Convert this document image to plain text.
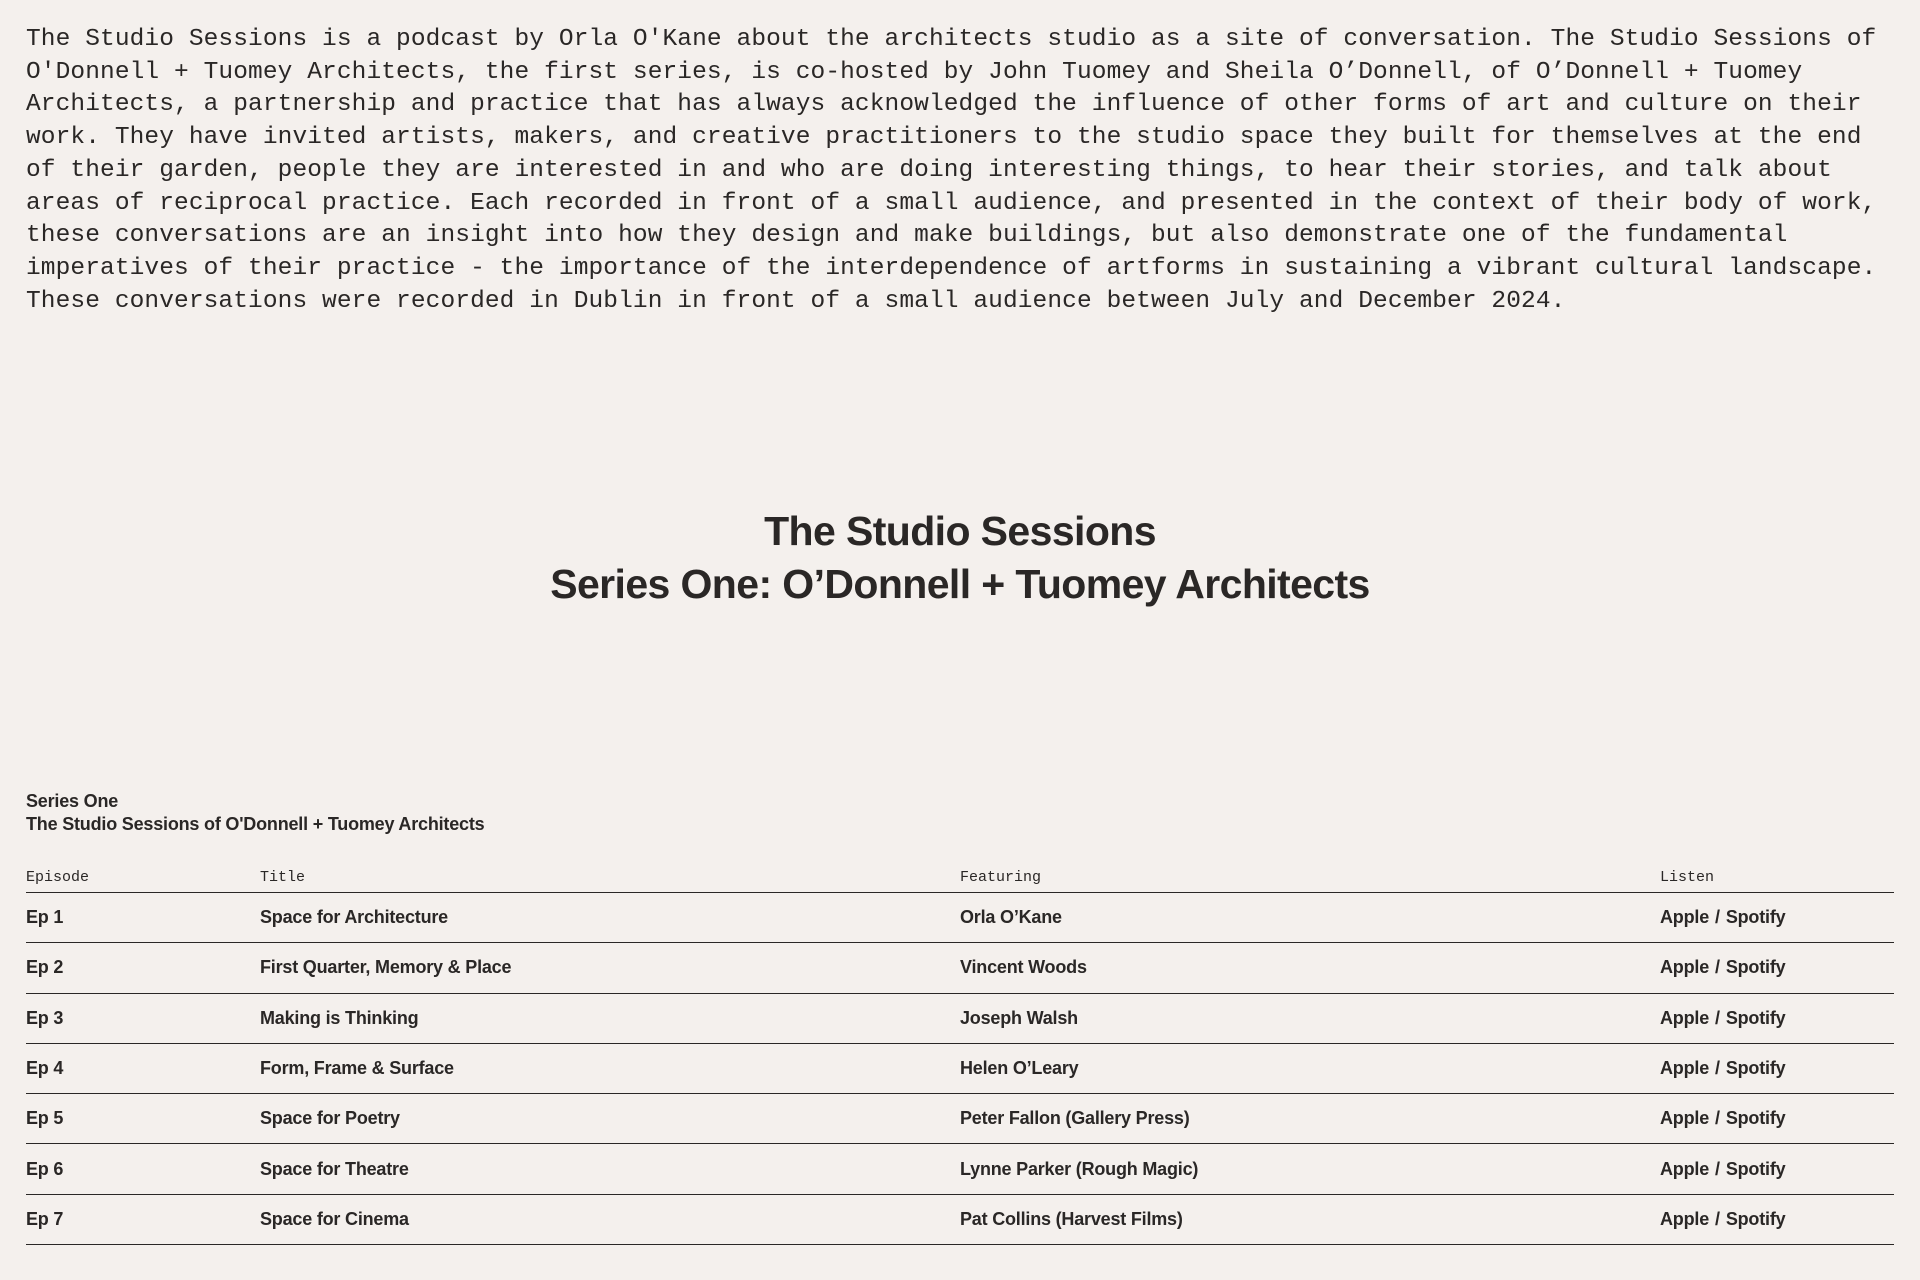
The Studio Sessions is a podcast by Orla O'Kane about the architects studio as a site of conversation. The Studio Sessions of O'Donnell + Tuomey Architects, the first series, is co-hosted by John Tuomey and Sheila O’Donnell, of O’Donnell + Tuomey Architects, a partnership and practice that has always acknowledged the influence of other forms of art and culture on their work. They have invited artists, makers, and creative practitioners to the studio space they built for themselves at the end of their garden, people they are interested in and who are doing interesting things, to hear their stories, and talk about areas of reciprocal practice. Each recorded in front of a small audience, and presented in the context of their body of work, these conversations are an insight into how they design and make buildings, but also demonstrate one of the fundamental imperatives of their practice - the importance of the interdependence of artforms in sustaining a vibrant cultural landscape. These conversations were recorded in Dublin in front of a small audience between July and December 2024.

The Studio Sessions
Series One: O’Donnell + Tuomey Architects
Series One
The Studio Sessions of O'Donnell + Tuomey Architects
Episode	Title	Featuring	Listen
Ep 1	Space for Architecture	Orla O’Kane	Apple / Spotify
Ep 2	First Quarter, Memory & Place	Vincent Woods	Apple / Spotify
Ep 3	Making is Thinking	Joseph Walsh	Apple / Spotify
Ep 4	Form, Frame & Surface	Helen O’Leary	Apple / Spotify
Ep 5	Space for Poetry	Peter Fallon (Gallery Press)	Apple / Spotify
Ep 6	Space for Theatre	Lynne Parker (Rough Magic)	Apple / Spotify
Ep 7	Space for Cinema	Pat Collins (Harvest Films)	Apple / Spotify
